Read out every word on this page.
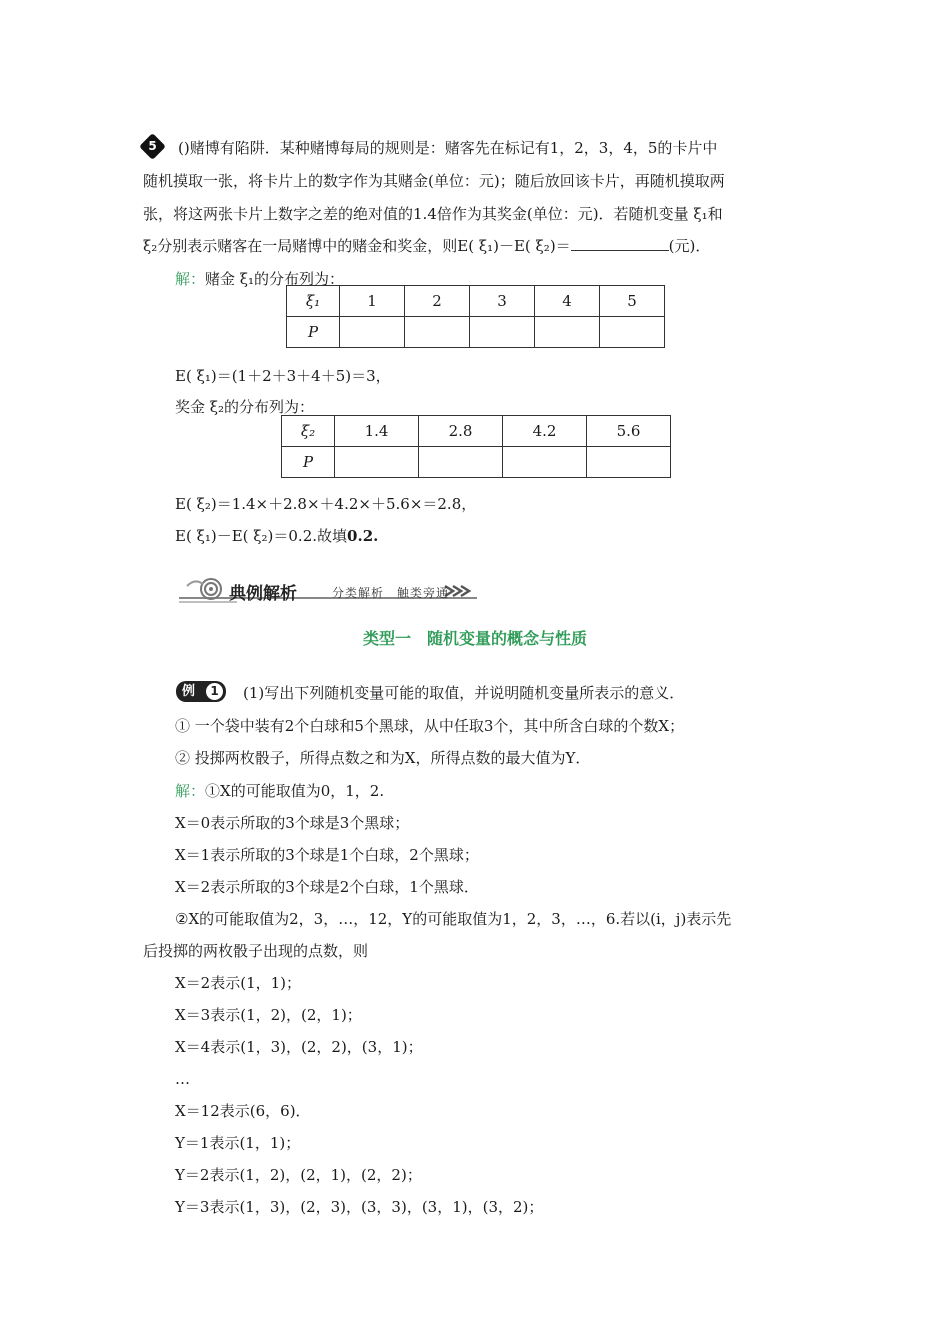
5	()赌博有陷阱．某种赌博每局的规则是：赌客先在标记有1，2，3，4，5的卡片中
随机摸取一张，将卡片上的数字作为其赌金(单位：元)；随后放回该卡片，再随机摸取两
张，将这两张卡片上数字之差的绝对值的1.4倍作为其奖金(单位：元)．若随机变量 ξ₁和
ξ₂分别表示赌客在一局赌博中的赌金和奖金，则E( ξ₁)－E( ξ₂)＝	(元)．
解：赌金 ξ₁的分布列为：
ξ₁	1	2	3	4	5
P					
E( ξ₁)＝(1＋2＋3＋4＋5)＝3，
奖金 ξ₂的分布列为：
ξ₂	1.4	2.8	4.2	5.6
P				
E( ξ₂)＝1.4×＋2.8×＋4.2×＋5.6×＝2.8，
E( ξ₁)－E( ξ₂)＝0.2.故填0.2.
典例解析	分类解析　触类旁通
类型一　随机变量的概念与性质
例	1 (1)写出下列随机变量可能的取值，并说明随机变量所表示的意义．
① 一个袋中装有2个白球和5个黑球，从中任取3个，其中所含白球的个数X；
② 投掷两枚骰子，所得点数之和为X，所得点数的最大值为Y．
解：①X的可能取值为0，1，2.
X＝0表示所取的3个球是3个黑球；
X＝1表示所取的3个球是1个白球，2个黑球；
X＝2表示所取的3个球是2个白球，1个黑球．
②X的可能取值为2，3，…，12，Y的可能取值为1，2，3，…，6.若以(i，j)表示先
后投掷的两枚骰子出现的点数，则
X＝2表示(1，1)；
X＝3表示(1，2)，(2，1)；
X＝4表示(1，3)，(2，2)，(3，1)；
…
X＝12表示(6，6)．
Y＝1表示(1，1)；
Y＝2表示(1，2)，(2，1)，(2，2)；
Y＝3表示(1，3)，(2，3)，(3，3)，(3，1)，(3，2)；
